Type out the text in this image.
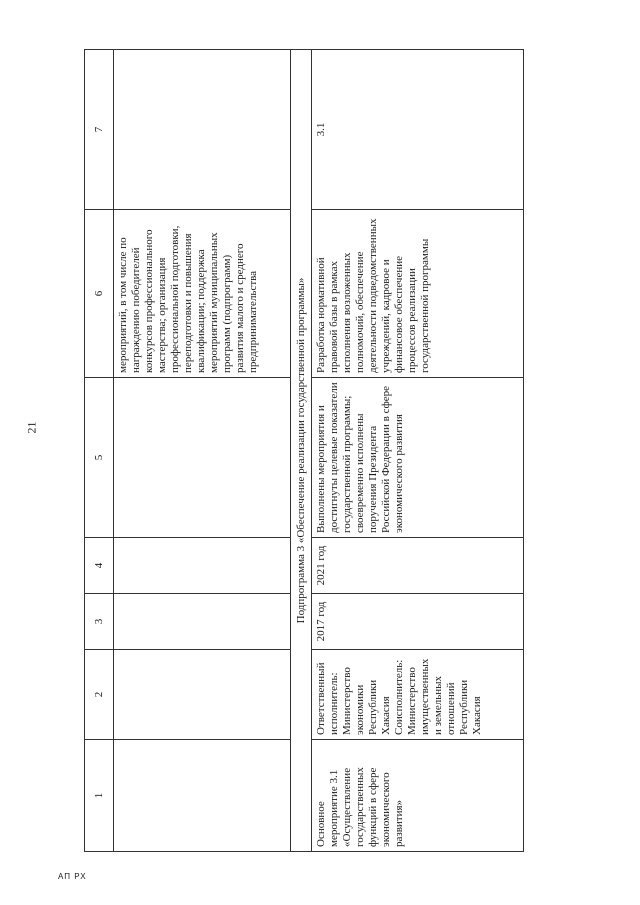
21
1	2	3	4	5	6	7
					мероприятий, в том числе по награждению победителей конкурсов профессионального мастерства; организация профессиональной подготовки, переподготовки и повышения квалификации; поддержка мероприятий муниципальных программ (подпрограмм) развития малого и среднего предпринимательства	
Подпрограмма 3 «Обеспечение реализации государственной программы»						
Основное мероприятие 3.1 «Осуществление государственных функций в сфере экономического развития»	Ответственный исполнитель: Министерство экономики Республики Хакасия Соисполнитель: Министерство имущественных и земельных отношений Республики Хакасия	2017 год	2021 год	Выполнены мероприятия и достигнуты целевые показатели государственной программы; своевременно исполнены поручения Президента Российской Федерации в сфере экономического развития	Разработка нормативной правовой базы в рамках исполнения возложенных полномочий, обеспечение деятельности подведомственных учреждений, кадровое и финансовое обеспечение процессов реализации государственной программы	3.1
АП РХ
